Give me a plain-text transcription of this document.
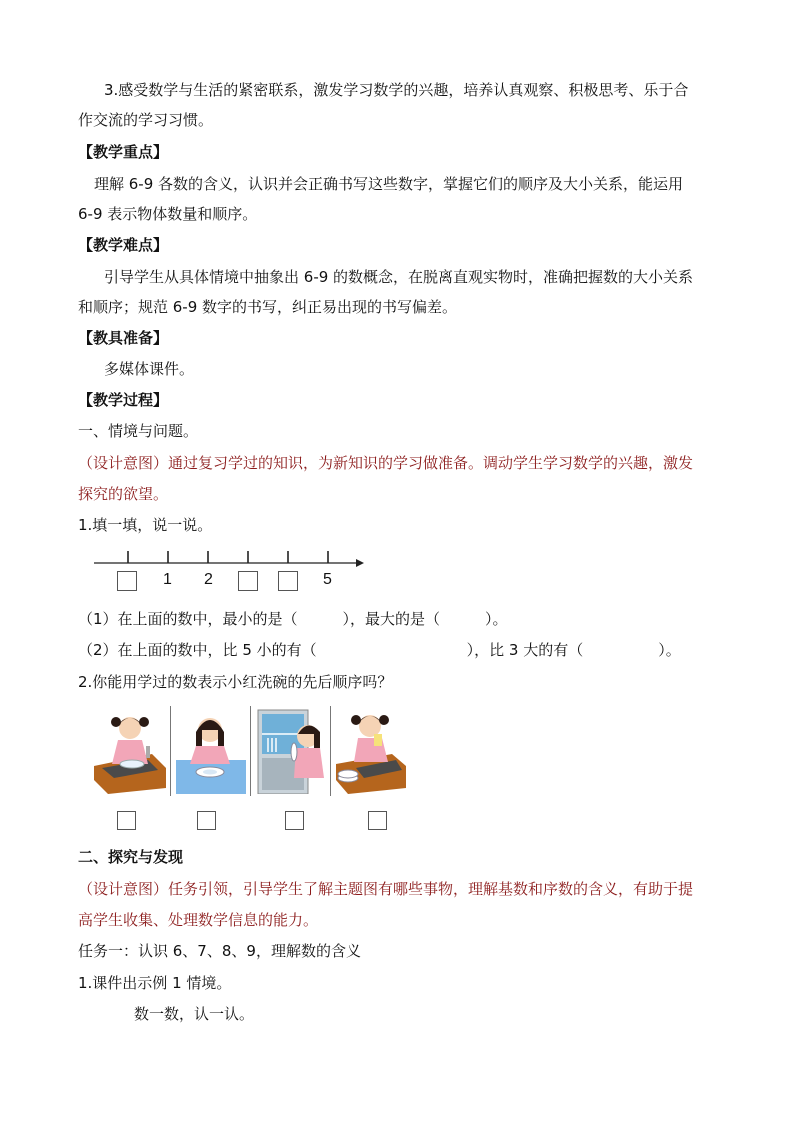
3.感受数学与生活的紧密联系，激发学习数学的兴趣，培养认真观察、积极思考、乐于合
作交流的学习习惯。
【教学重点】
理解 6-9 各数的含义，认识并会正确书写这些数字，掌握它们的顺序及大小关系，能运用
6-9 表示物体数量和顺序。
【教学难点】
引导学生从具体情境中抽象出 6-9 的数概念，在脱离直观实物时，准确把握数的大小关系
和顺序；规范 6-9 数字的书写，纠正易出现的书写偏差。
【教具准备】
多媒体课件。
【教学过程】
一、情境与问题。
（设计意图）通过复习学过的知识，为新知识的学习做准备。调动学生学习数学的兴趣，激发
探究的欲望。
1.填一填，说一说。
1 2	5
（1）在上面的数中，最小的是（　　　），最大的是（　　　）。
（2）在上面的数中，比 5 小的有（　　　　　　　　　　），比 3 大的有（　　　　　）。
2.你能用学过的数表示小红洗碗的先后顺序吗？
二、探究与发现
（设计意图）任务引领，引导学生了解主题图有哪些事物，理解基数和序数的含义，有助于提
高学生收集、处理数学信息的能力。
任务一：认识 6、7、8、9，理解数的含义
1.课件出示例 1 情境。
数一数，认一认。
